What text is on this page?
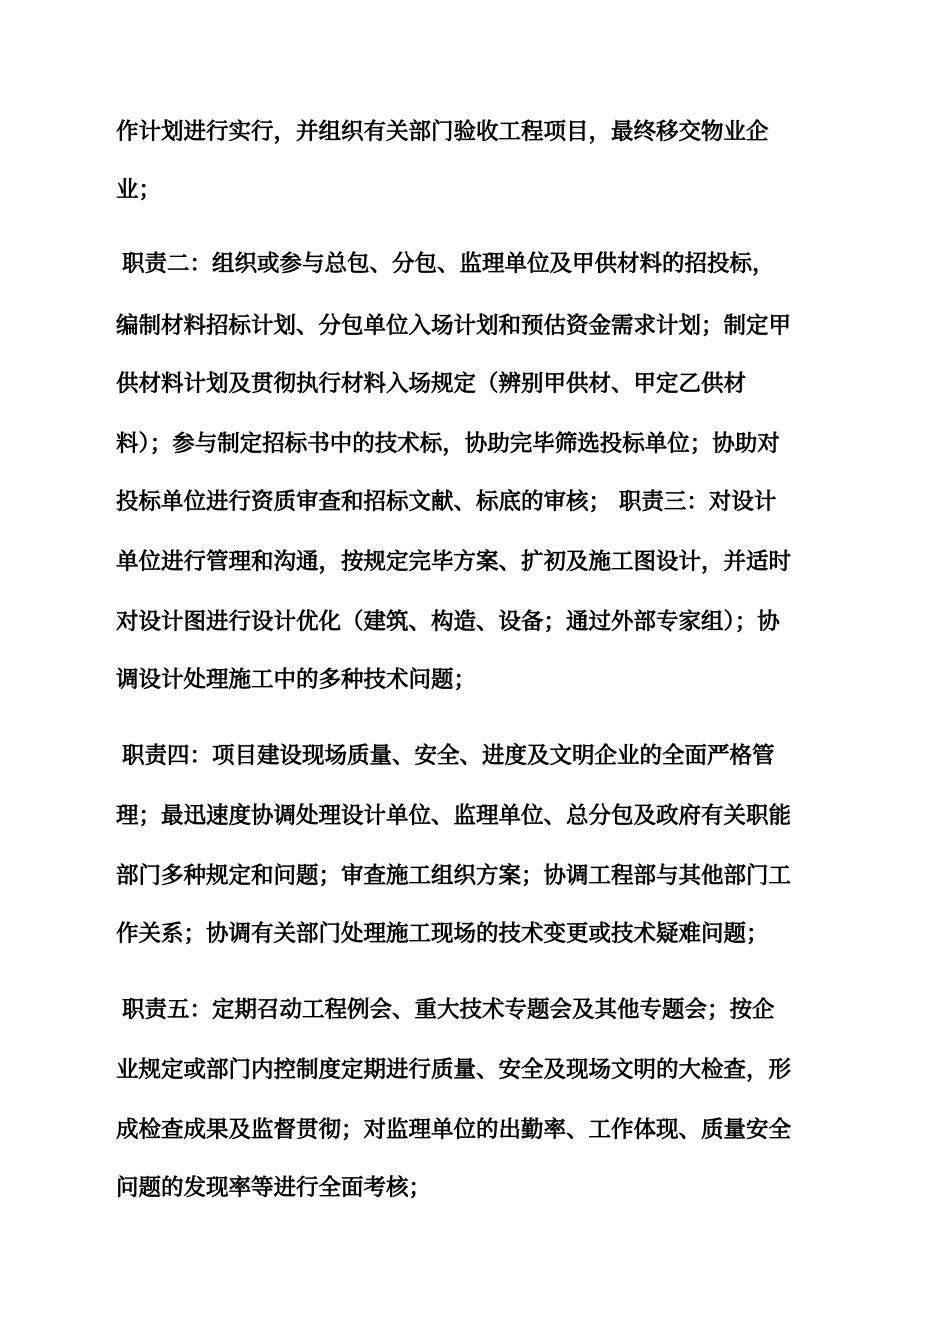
作计划进行实行，并组织有关部门验收工程项目，最终移交物业企
业；
职责二：组织或参与总包、分包、监理单位及甲供材料的招投标，
编制材料招标计划、分包单位入场计划和预估资金需求计划；制定甲
供材料计划及贯彻执行材料入场规定（辨别甲供材、甲定乙供材
料）；参与制定招标书中的技术标，协助完毕筛选投标单位；协助对
投标单位进行资质审查和招标文献、标底的审核； 职责三：对设计
单位进行管理和沟通，按规定完毕方案、扩初及施工图设计，并适时
对设计图进行设计优化（建筑、构造、设备；通过外部专家组）；协
调设计处理施工中的多种技术问题；
职责四：项目建设现场质量、安全、进度及文明企业的全面严格管
理；最迅速度协调处理设计单位、监理单位、总分包及政府有关职能
部门多种规定和问题；审查施工组织方案；协调工程部与其他部门工
作关系；协调有关部门处理施工现场的技术变更或技术疑难问题；
职责五：定期召动工程例会、重大技术专题会及其他专题会；按企
业规定或部门内控制度定期进行质量、安全及现场文明的大检查，形
成检查成果及监督贯彻；对监理单位的出勤率、工作体现、质量安全
问题的发现率等进行全面考核；
